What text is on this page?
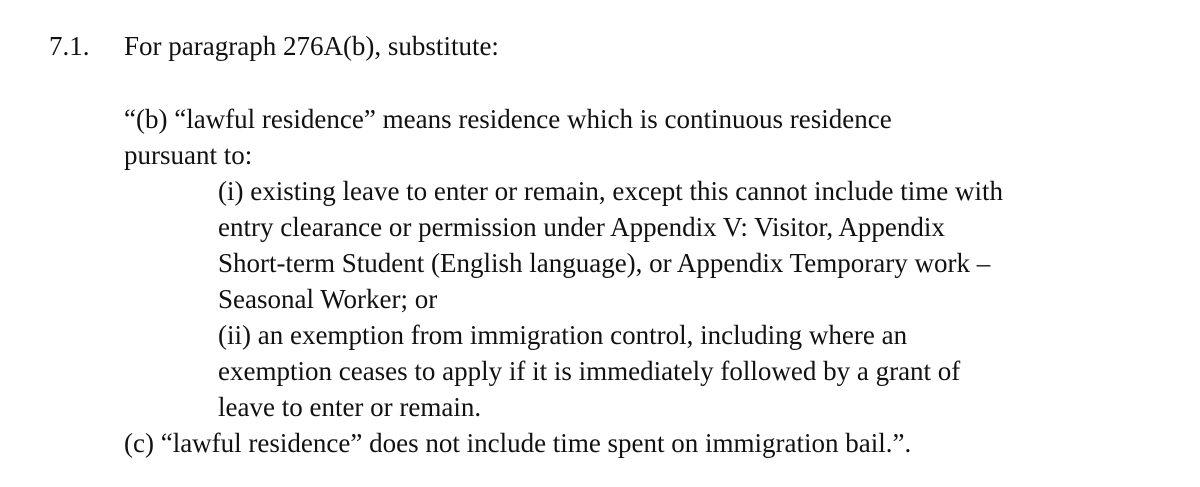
7.1. For paragraph 276A(b), substitute:
“(b) “lawful residence” means residence which is continuous residence
pursuant to:
(i) existing leave to enter or remain, except this cannot include time with
entry clearance or permission under Appendix V: Visitor, Appendix
Short-term Student (English language), or Appendix Temporary work –
Seasonal Worker; or
(ii) an exemption from immigration control, including where an
exemption ceases to apply if it is immediately followed by a grant of
leave to enter or remain.
(c) “lawful residence” does not include time spent on immigration bail.”.
